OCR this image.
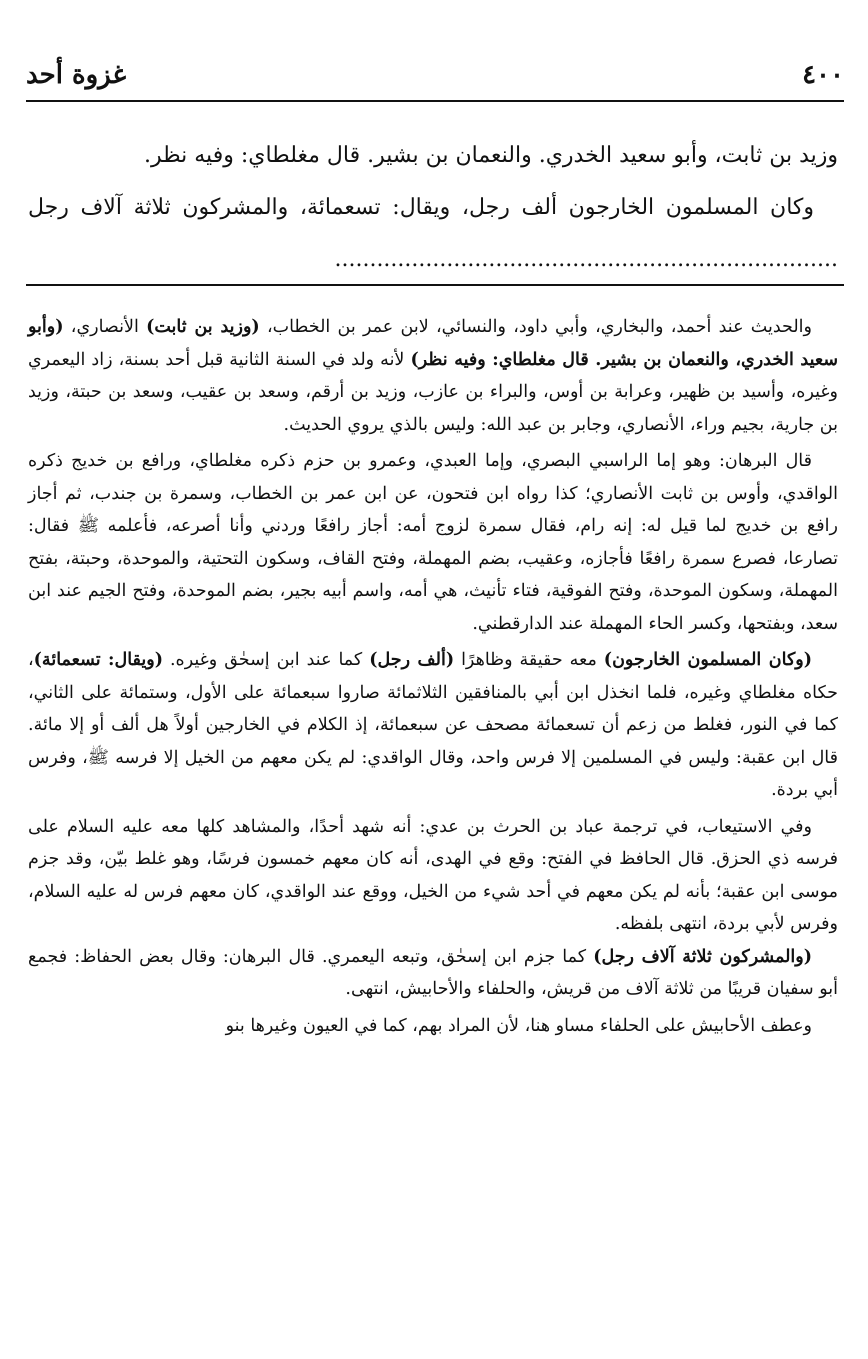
٤٠٠
غزوة أحد

وزيد بن ثابت، وأبو سعيد الخدري. والنعمان بن بشير. قال مغلطاي: وفيه نظر.

وكان المسلمون الخارجون ألف رجل، ويقال: تسعمائة، والمشركون ثلاثة آلاف رجل ........................................................................

والحديث عند أحمد، والبخاري، وأبي داود، والنسائي، لابن عمر بن الخطاب، (وزيد بن ثابت) الأنصاري، (وأبو سعيد الخدري، والنعمان بن بشير. قال مغلطاي: وفيه نظر) لأنه ولد في السنة الثانية قبل أحد بسنة، زاد اليعمري وغيره، وأسيد بن ظهير، وعرابة بن أوس، والبراء بن عازب، وزيد بن أرقم، وسعد بن عقيب، وسعد بن حبتة، وزيد بن جارية، بجيم وراء، الأنصاري، وجابر بن عبد الله: وليس بالذي يروي الحديث.

قال البرهان: وهو إما الراسبي البصري، وإما العبدي، وعمرو بن حزم ذكره مغلطاي، ورافع بن خديج ذكره الواقدي، وأوس بن ثابت الأنصاري؛ كذا رواه ابن فتحون، عن ابن عمر بن الخطاب، وسمرة بن جندب، ثم أجاز رافع بن خديج لما قيل له: إنه رام، فقال سمرة لزوج أمه: أجاز رافعًا وردني وأنا أصرعه، فأعلمه ﷺ فقال: تصارعا، فصرع سمرة رافعًا فأجازه، وعقيب، بضم المهملة، وفتح القاف، وسكون التحتية، والموحدة، وحبتة، بفتح المهملة، وسكون الموحدة، وفتح الفوقية، فتاء تأنيث، هي أمه، واسم أبيه بجير، بضم الموحدة، وفتح الجيم عند ابن سعد، وبفتحها، وكسر الحاء المهملة عند الدارقطني.

(وكان المسلمون الخارجون) معه حقيقة وظاهرًا (ألف رجل) كما عند ابن إسحٰق وغيره. (ويقال: تسعمائة)، حكاه مغلطاي وغيره، فلما انخذل ابن أبي بالمنافقين الثلاثمائة صاروا سبعمائة على الأول، وستمائة على الثاني، كما في النور، فغلط من زعم أن تسعمائة مصحف عن سبعمائة، إذ الكلام في الخارجين أولاً هل ألف أو إلا مائة. قال ابن عقبة: وليس في المسلمين إلا فرس واحد، وقال الواقدي: لم يكن معهم من الخيل إلا فرسه ﷺ، وفرس أبي بردة.

وفي الاستيعاب، في ترجمة عباد بن الحرث بن عدي: أنه شهد أحدًا، والمشاهد كلها معه عليه السلام على فرسه ذي الحزق. قال الحافظ في الفتح: وقع في الهدى، أنه كان معهم خمسون فرسًا، وهو غلط بيّن، وقد جزم موسى ابن عقبة؛ بأنه لم يكن معهم في أحد شيء من الخيل، ووقع عند الواقدي، كان معهم فرس له عليه السلام، وفرس لأبي بردة، انتهى بلفظه.

(والمشركون ثلاثة آلاف رجل) كما جزم ابن إسحٰق، وتبعه اليعمري. قال البرهان: وقال بعض الحفاظ: فجمع أبو سفيان قريبًا من ثلاثة آلاف من قريش، والحلفاء والأحابيش، انتهى.

وعطف الأحابيش على الحلفاء مساو هنا، لأن المراد بهم، كما في العيون وغيرها بنو
